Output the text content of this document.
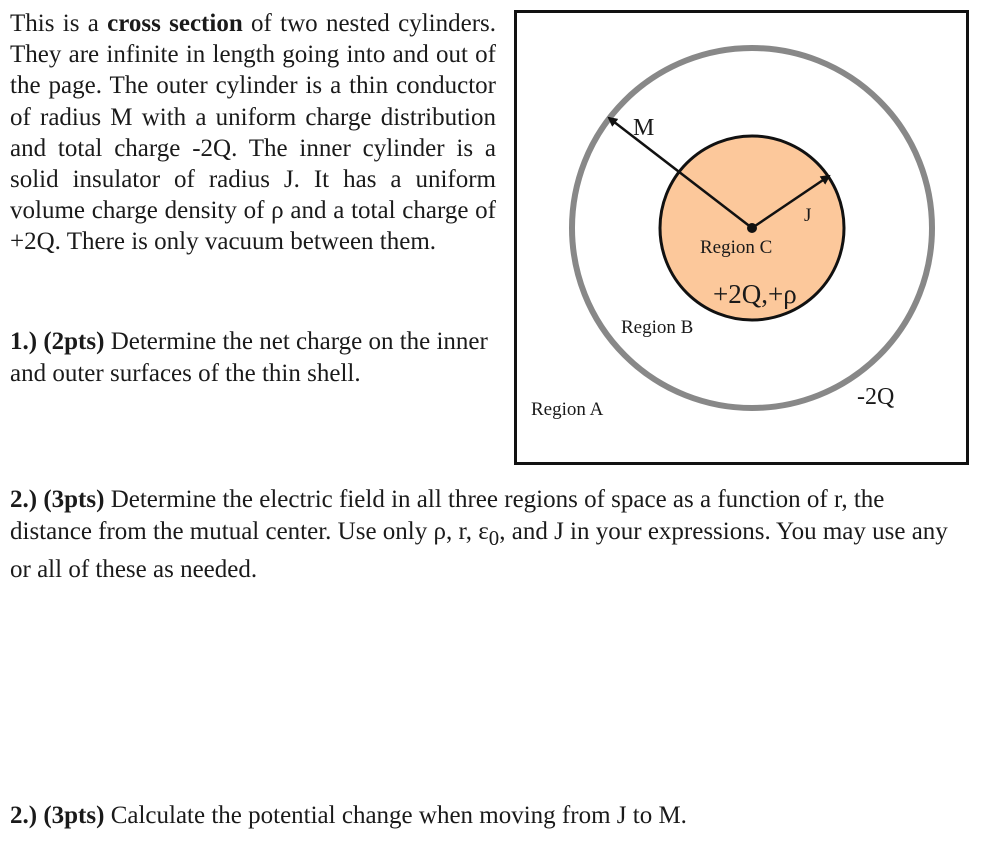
This is a cross section of two nested cylinders. They are infinite in length going into and out of the page. The outer cylinder is a thin conductor of radius M with a uniform charge distribution and total charge -2Q. The inner cylinder is a solid insulator of radius J. It has a uniform volume charge density of ρ and a total charge of +2Q. There is only vacuum between them.
1.) (2pts) Determine the net charge on the inner and outer surfaces of the thin shell.
2.) (3pts) Determine the electric field in all three regions of space as a function of r, the distance from the mutual center. Use only ρ, r, $\varepsilon_0$, and J in your expressions. You may use any or all of these as needed.
2.) (3pts) Calculate the potential change when moving from J to M.
M
J
Region C
+2Q,+ρ
Region B
Region A	-2Q
